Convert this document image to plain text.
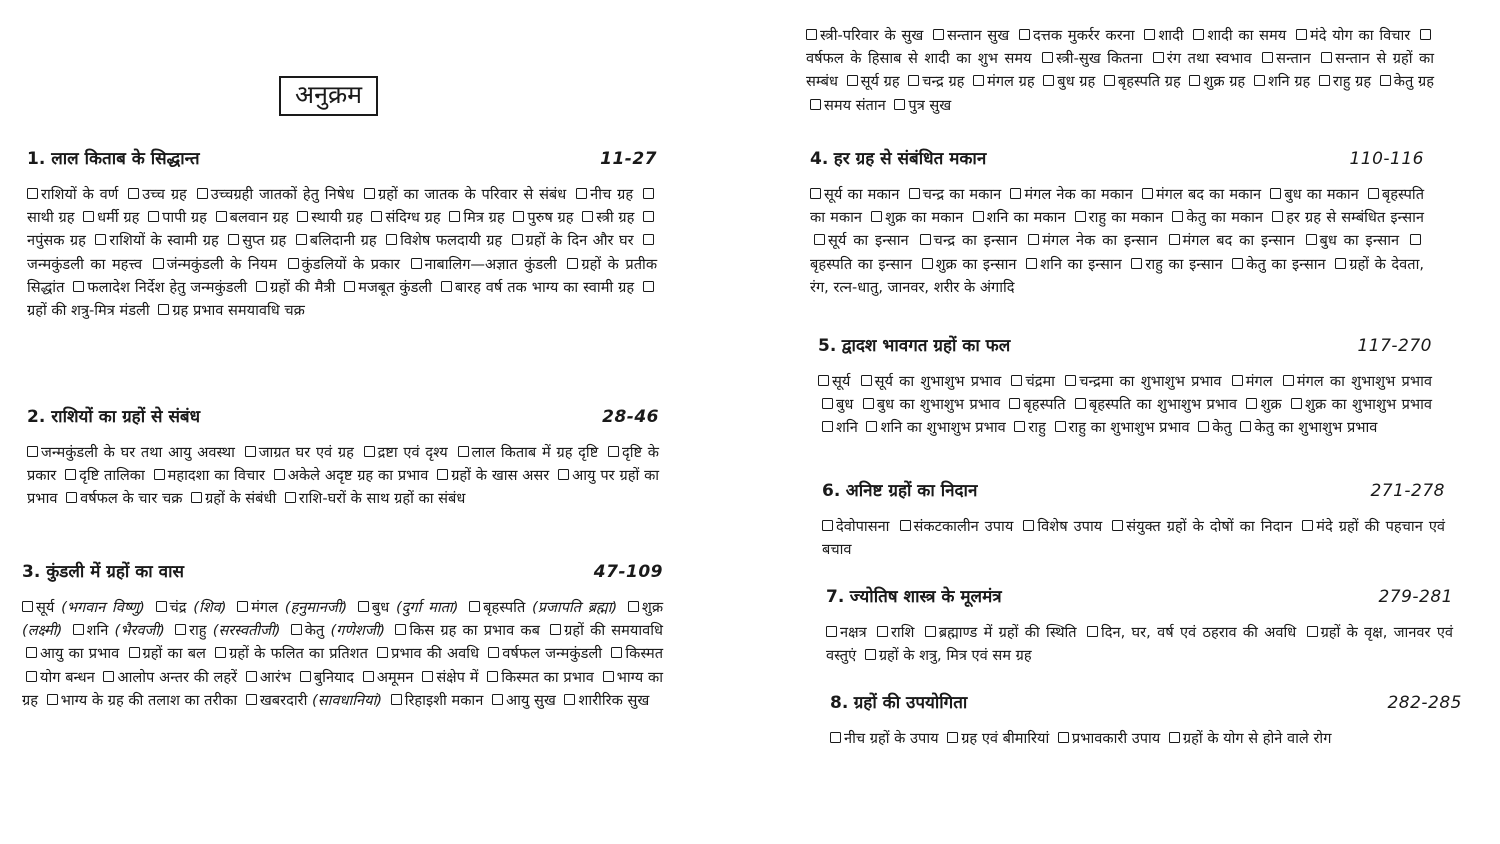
अनुक्रम
1. लाल किताब के सिद्धान्त	11-27
राशियों के वर्ण उच्च ग्रह उच्चग्रही जातकों हेतु निषेध ग्रहों का जातक के परिवार से संबंध नीच ग्रह साथी ग्रह धर्मी ग्रह पापी ग्रह बलवान ग्रह स्थायी ग्रह संदिग्ध ग्रह मित्र ग्रह पुरुष ग्रह स्त्री ग्रह नपुंसक ग्रह राशियों के स्वामी ग्रह सुप्त ग्रह बलिदानी ग्रह विशेष फलदायी ग्रह ग्रहों के दिन और घर जन्मकुंडली का महत्त्व जंन्मकुंडली के नियम कुंडलियों के प्रकार नाबालिग—अज्ञात कुंडली ग्रहों के प्रतीक सिद्धांत फलादेश निर्देश हेतु जन्मकुंडली ग्रहों की मैत्री मजबूत कुंडली बारह वर्ष तक भाग्य का स्वामी ग्रह ग्रहों की शत्रु-मित्र मंडली ग्रह प्रभाव समयावधि चक्र
2. राशियों का ग्रहों से संबंध	28-46
जन्मकुंडली के घर तथा आयु अवस्था जाग्रत घर एवं ग्रह द्रष्टा एवं दृश्य लाल किताब में ग्रह दृष्टि दृष्टि के प्रकार दृष्टि तालिका महादशा का विचार अकेले अदृष्ट ग्रह का प्रभाव ग्रहों के खास असर आयु पर ग्रहों का प्रभाव वर्षफल के चार चक्र ग्रहों के संबंधी राशि-घरों के साथ ग्रहों का संबंध
3. कुंडली में ग्रहों का वास	47-109
सूर्य (भगवान विष्णु) चंद्र (शिव) मंगल (हनुमानजी) बुध (दुर्गा माता) बृहस्पति (प्रजापति ब्रह्मा) शुक्र (लक्ष्मी) शनि (भैरवजी) राहु (सरस्वतीजी) केतु (गणेशजी) किस ग्रह का प्रभाव कब ग्रहों की समयावधि आयु का प्रभाव ग्रहों का बल ग्रहों के फलित का प्रतिशत प्रभाव की अवधि वर्षफल जन्मकुंडली किस्मत योग बन्धन आलोप अन्तर की लहरें आरंभ बुनियाद अमूमन संक्षेप में किस्मत का प्रभाव भाग्य का ग्रह भाग्य के ग्रह की तलाश का तरीका खबरदारी (सावधानियां) रिहाइशी मकान आयु सुख शारीरिक सुख
स्त्री-परिवार के सुख सन्तान सुख दत्तक मुकर्रर करना शादी शादी का समय मंदे योग का विचार वर्षफल के हिसाब से शादी का शुभ समय स्त्री-सुख कितना रंग तथा स्वभाव सन्तान सन्तान से ग्रहों का सम्बंध सूर्य ग्रह चन्द्र ग्रह मंगल ग्रह बुध ग्रह बृहस्पति ग्रह शुक्र ग्रह शनि ग्रह राहु ग्रह केतु ग्रह समय संतान पुत्र सुख
4. हर ग्रह से संबंधित मकान	110-116
सूर्य का मकान चन्द्र का मकान मंगल नेक का मकान मंगल बद का मकान बुध का मकान बृहस्पति का मकान शुक्र का मकान शनि का मकान राहु का मकान केतु का मकान हर ग्रह से सम्बंधित इन्सान सूर्य का इन्सान चन्द्र का इन्सान मंगल नेक का इन्सान मंगल बद का इन्सान बुध का इन्सान बृहस्पति का इन्सान शुक्र का इन्सान शनि का इन्सान राहु का इन्सान केतु का इन्सान ग्रहों के देवता, रंग, रत्न-धातु, जानवर, शरीर के अंगादि
5. द्वादश भावगत ग्रहों का फल	117-270
सूर्य सूर्य का शुभाशुभ प्रभाव चंद्रमा चन्द्रमा का शुभाशुभ प्रभाव मंगल मंगल का शुभाशुभ प्रभाव बुध बुध का शुभाशुभ प्रभाव बृहस्पति बृहस्पति का शुभाशुभ प्रभाव शुक्र शुक्र का शुभाशुभ प्रभाव शनि शनि का शुभाशुभ प्रभाव राहु राहु का शुभाशुभ प्रभाव केतु केतु का शुभाशुभ प्रभाव
6. अनिष्ट ग्रहों का निदान	271-278
देवोपासना संकटकालीन उपाय विशेष उपाय संयुक्त ग्रहों के दोषों का निदान मंदे ग्रहों की पहचान एवं बचाव
7. ज्योतिष शास्त्र के मूलमंत्र	279-281
नक्षत्र राशि ब्रह्माण्ड में ग्रहों की स्थिति दिन, घर, वर्ष एवं ठहराव की अवधि ग्रहों के वृक्ष, जानवर एवं वस्तुएं ग्रहों के शत्रु, मित्र एवं सम ग्रह
8. ग्रहों की उपयोगिता	282-285
नीच ग्रहों के उपाय ग्रह एवं बीमारियां प्रभावकारी उपाय ग्रहों के योग से होने वाले रोग
